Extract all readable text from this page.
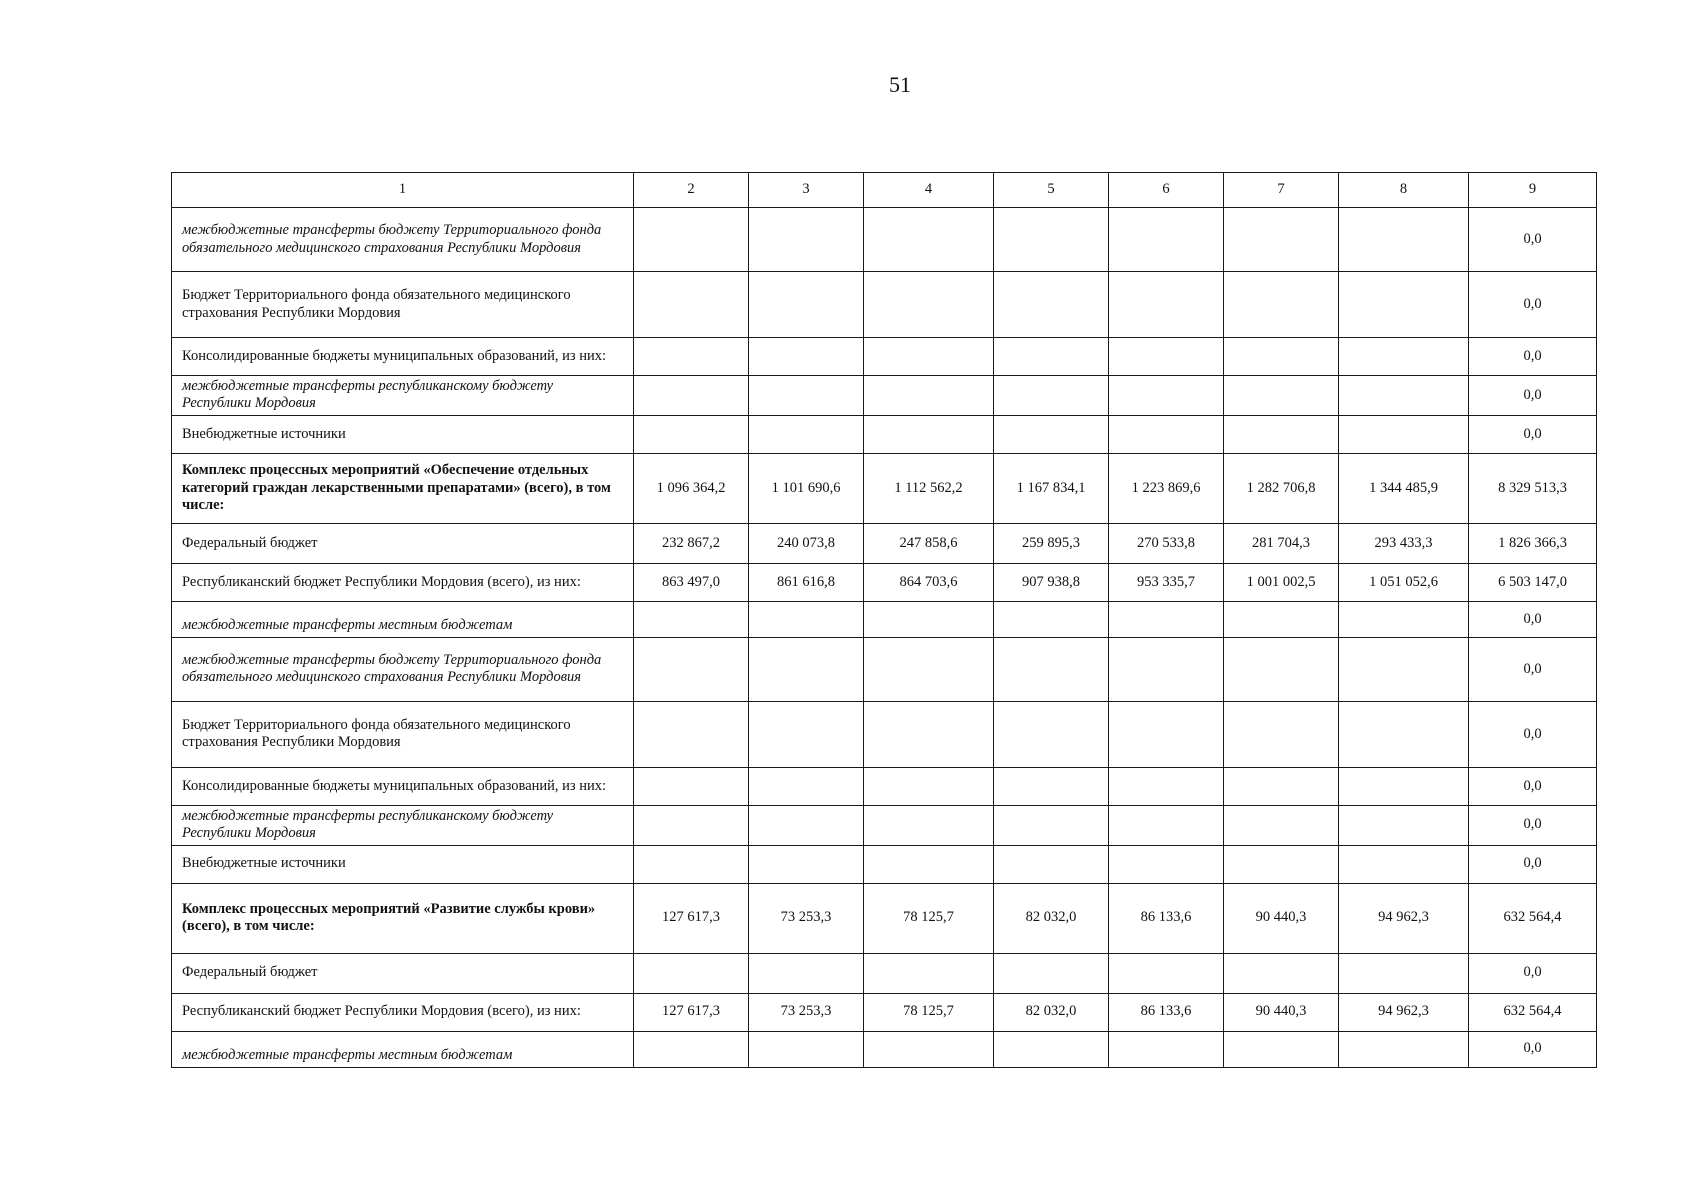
51
1	2	3	4	5	6	7	8	9
межбюджетные трансферты бюджету Территориального фонда обязательного медицинского страхования Республики Мордовия								0,0
Бюджет Территориального фонда обязательного медицинского страхования Республики Мордовия								0,0
Консолидированные бюджеты муниципальных образований, из них:								0,0
межбюджетные трансферты республиканскому бюджету Республики Мордовия								0,0
Внебюджетные источники								0,0
Комплекс процессных мероприятий «Обеспечение отдельных категорий граждан лекарственными препаратами» (всего), в том числе:	1 096 364,2	1 101 690,6	1 112 562,2	1 167 834,1	1 223 869,6	1 282 706,8	1 344 485,9	8 329 513,3
Федеральный бюджет	232 867,2	240 073,8	247 858,6	259 895,3	270 533,8	281 704,3	293 433,3	1 826 366,3
Республиканский бюджет Республики Мордовия (всего), из них:	863 497,0	861 616,8	864 703,6	907 938,8	953 335,7	1 001 002,5	1 051 052,6	6 503 147,0
межбюджетные трансферты местным бюджетам								0,0
межбюджетные трансферты бюджету Территориального фонда обязательного медицинского страхования Республики Мордовия								0,0
Бюджет Территориального фонда обязательного медицинского страхования Республики Мордовия								0,0
Консолидированные бюджеты муниципальных образований, из них:								0,0
межбюджетные трансферты республиканскому бюджету Республики Мордовия								0,0
Внебюджетные источники								0,0
Комплекс процессных мероприятий «Развитие службы крови» (всего), в том числе:	127 617,3	73 253,3	78 125,7	82 032,0	86 133,6	90 440,3	94 962,3	632 564,4
Федеральный бюджет								0,0
Республиканский бюджет Республики Мордовия (всего), из них:	127 617,3	73 253,3	78 125,7	82 032,0	86 133,6	90 440,3	94 962,3	632 564,4
межбюджетные трансферты местным бюджетам								0,0
